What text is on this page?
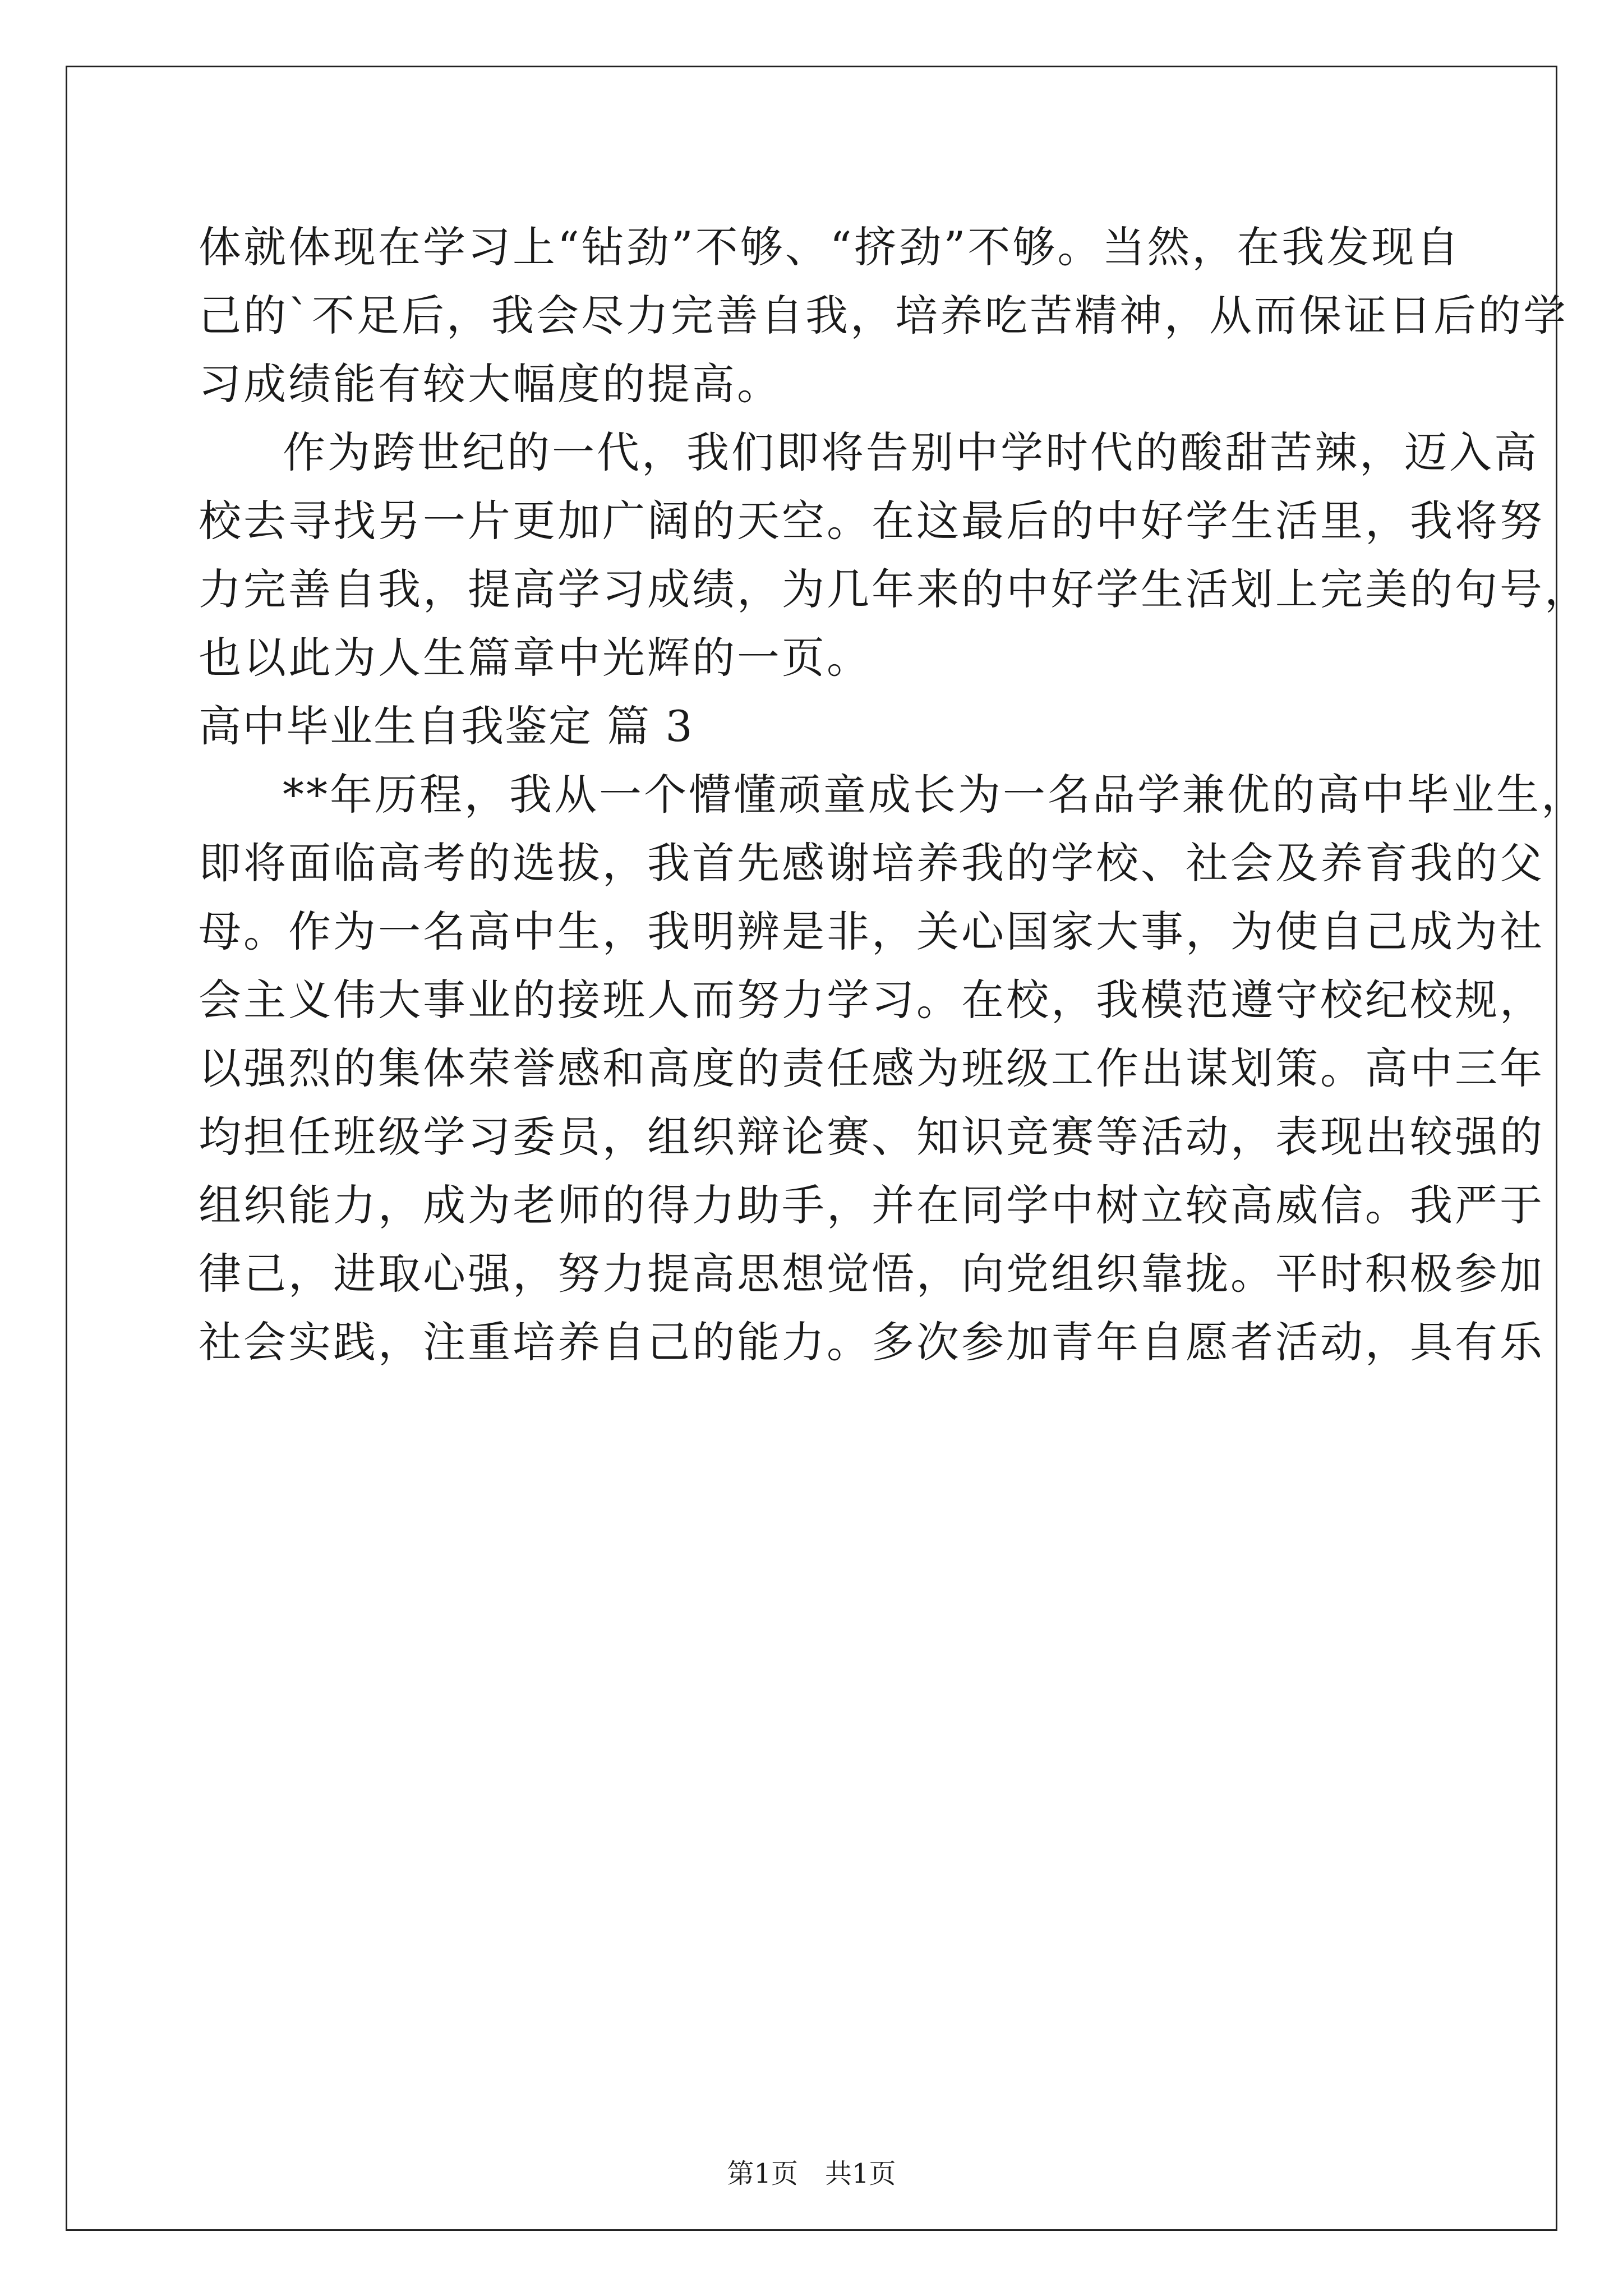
体就体现在学习上“钻劲”不够、“挤劲”不够。当然，在我发现自
己的`不足后，我会尽力完善自我，培养吃苦精神，从而保证日后的学
习成绩能有较大幅度的提高。
作为跨世纪的一代，我们即将告别中学时代的酸甜苦辣，迈入高
校去寻找另一片更加广阔的天空。在这最后的中好学生活里，我将努
力完善自我，提高学习成绩，为几年来的中好学生活划上完美的句号，
也以此为人生篇章中光辉的一页。
高中毕业生自我鉴定 篇 3
**年历程，我从一个懵懂顽童成长为一名品学兼优的高中毕业生，
即将面临高考的选拔，我首先感谢培养我的学校、社会及养育我的父
母。作为一名高中生，我明辨是非，关心国家大事，为使自己成为社
会主义伟大事业的接班人而努力学习。在校，我模范遵守校纪校规，
以强烈的集体荣誉感和高度的责任感为班级工作出谋划策。高中三年
均担任班级学习委员，组织辩论赛、知识竞赛等活动，表现出较强的
组织能力，成为老师的得力助手，并在同学中树立较高威信。我严于
律己，进取心强，努力提高思想觉悟，向党组织靠拢。平时积极参加
社会实践，注重培养自己的能力。多次参加青年自愿者活动，具有乐
第1页　共1页
